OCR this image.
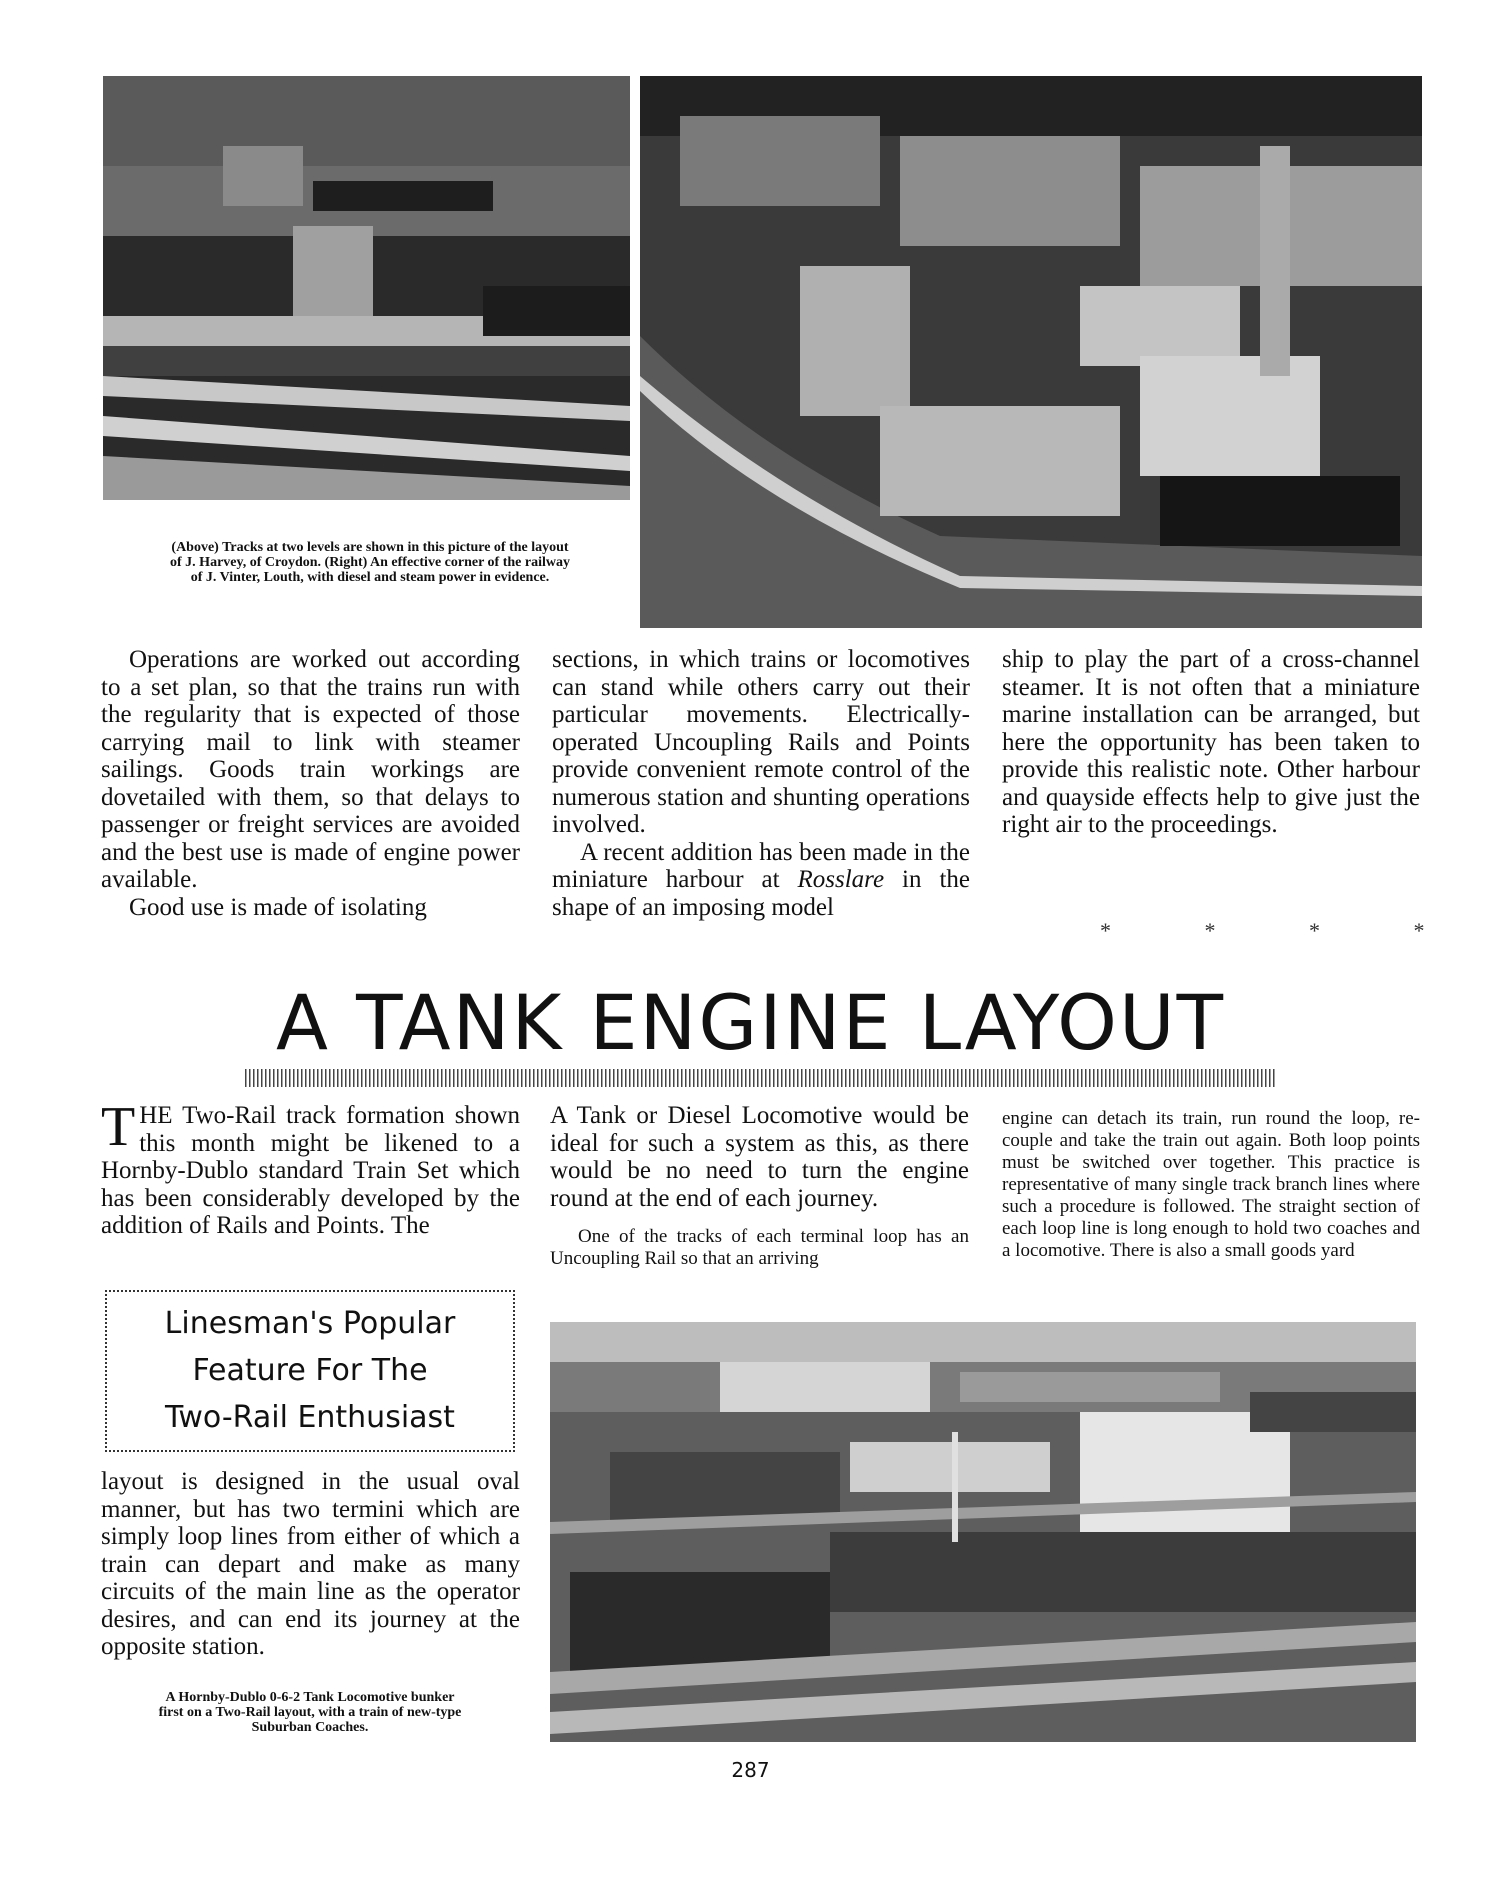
(Above) Tracks at two levels are shown in this picture of the layout
of J. Harvey, of Croydon. (Right) An effective corner of the railway
of J. Vinter, Louth, with diesel and steam power in evidence.

Operations are worked out according to a set plan, so that the trains run with the regularity that is expected of those carrying mail to link with steamer sailings. Goods train workings are dovetailed with them, so that delays to passenger or freight services are avoided and the best use is made of engine power available.

Good use is made of isolating

sections, in which trains or locomotives can stand while others carry out their particular movements. Electrically-operated Uncoupling Rails and Points provide convenient remote control of the numerous station and shunting operations involved.

A recent addition has been made in the miniature harbour at Rosslare in the shape of an imposing model

ship to play the part of a cross-channel steamer. It is not often that a miniature marine installation can be arranged, but here the opportunity has been taken to provide this realistic note. Other harbour and quayside effects help to give just the right air to the proceedings.

* * * *
A TANK ENGINE LAYOUT

THE Two-Rail track formation shown this month might be likened to a Hornby-Dublo standard Train Set which has been considerably developed by the addition of Rails and Points. The

Linesman's Popular
Feature For The
Two-Rail Enthusiast

layout is designed in the usual oval manner, but has two termini which are simply loop lines from either of which a train can depart and make as many circuits of the main line as the operator desires, and can end its journey at the opposite station.

A Hornby-Dublo 0-6-2 Tank Locomotive bunker
first on a Two-Rail layout, with a train of new-type
Suburban Coaches.

A Tank or Diesel Locomotive would be ideal for such a system as this, as there would be no need to turn the engine round at the end of each journey.

One of the tracks of each terminal loop has an Uncoupling Rail so that an arriving

engine can detach its train, run round the loop, re-couple and take the train out again. Both loop points must be switched over together. This practice is representative of many single track branch lines where such a procedure is followed. The straight section of each loop line is long enough to hold two coaches and a locomotive. There is also a small goods yard

287
